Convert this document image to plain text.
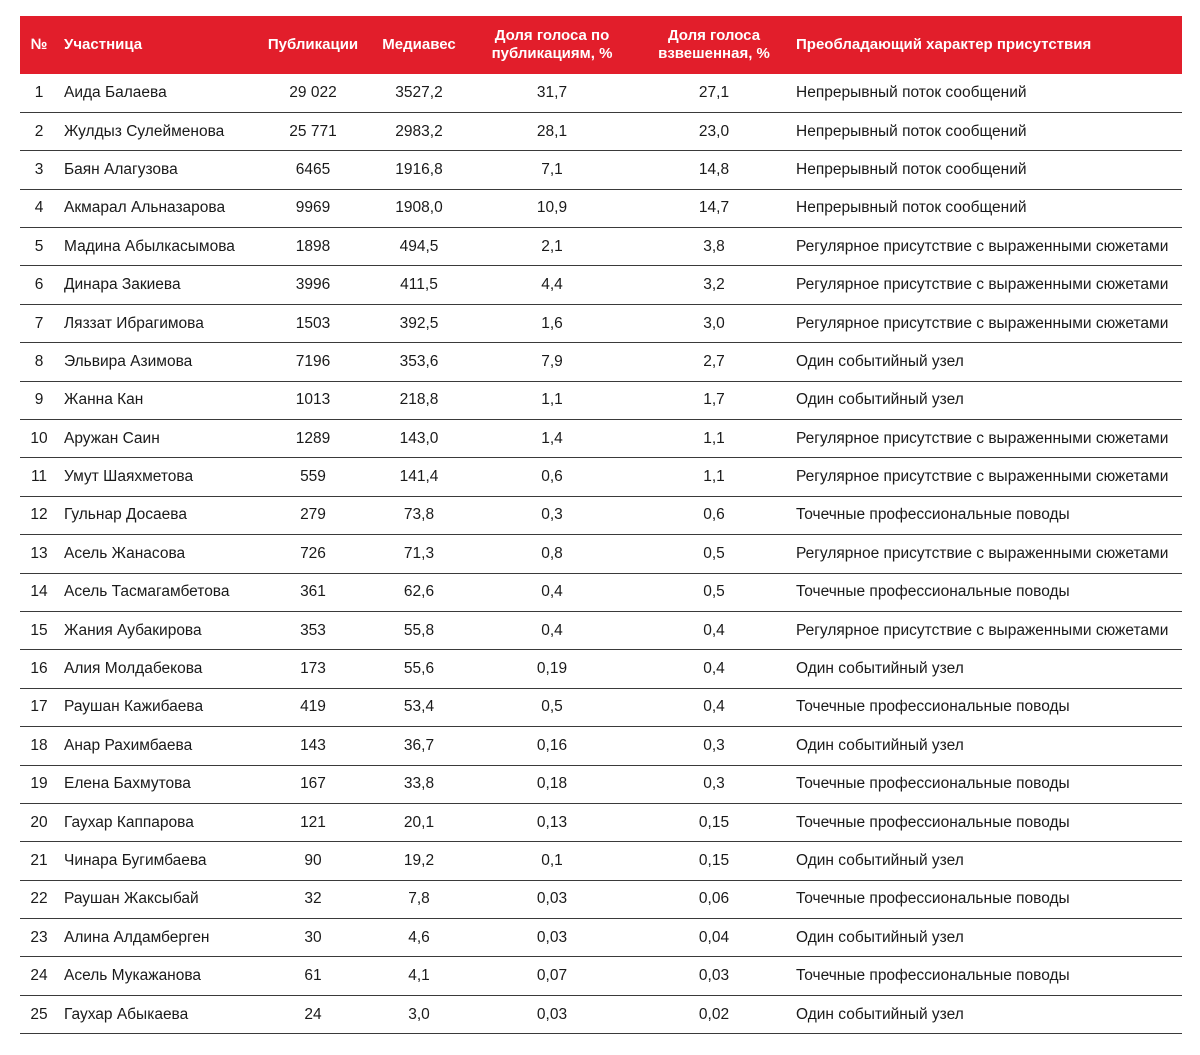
№	Участница	Публикации	Медиавес	Доля голоса по
публикациям, %	Доля голоса
взвешенная, %	Преобладающий характер присутствия
1	Аида Балаева	29 022	3527,2	31,7	27,1	Непрерывный поток сообщений
2	Жулдыз Сулейменова	25 771	2983,2	28,1	23,0	Непрерывный поток сообщений
3	Баян Алагузова	6465	1916,8	7,1	14,8	Непрерывный поток сообщений
4	Акмарал Альназарова	9969	1908,0	10,9	14,7	Непрерывный поток сообщений
5	Мадина Абылкасымова	1898	494,5	2,1	3,8	Регулярное присутствие с выраженными сюжетами
6	Динара Закиева	3996	411,5	4,4	3,2	Регулярное присутствие с выраженными сюжетами
7	Ляззат Ибрагимова	1503	392,5	1,6	3,0	Регулярное присутствие с выраженными сюжетами
8	Эльвира Азимова	7196	353,6	7,9	2,7	Один событийный узел
9	Жанна Кан	1013	218,8	1,1	1,7	Один событийный узел
10	Аружан Саин	1289	143,0	1,4	1,1	Регулярное присутствие с выраженными сюжетами
11	Умут Шаяхметова	559	141,4	0,6	1,1	Регулярное присутствие с выраженными сюжетами
12	Гульнар Досаева	279	73,8	0,3	0,6	Точечные профессиональные поводы
13	Асель Жанасова	726	71,3	0,8	0,5	Регулярное присутствие с выраженными сюжетами
14	Асель Тасмагамбетова	361	62,6	0,4	0,5	Точечные профессиональные поводы
15	Жания Аубакирова	353	55,8	0,4	0,4	Регулярное присутствие с выраженными сюжетами
16	Алия Молдабекова	173	55,6	0,19	0,4	Один событийный узел
17	Раушан Кажибаева	419	53,4	0,5	0,4	Точечные профессиональные поводы
18	Анар Рахимбаева	143	36,7	0,16	0,3	Один событийный узел
19	Елена Бахмутова	167	33,8	0,18	0,3	Точечные профессиональные поводы
20	Гаухар Каппарова	121	20,1	0,13	0,15	Точечные профессиональные поводы
21	Чинара Бугимбаева	90	19,2	0,1	0,15	Один событийный узел
22	Раушан Жаксыбай	32	7,8	0,03	0,06	Точечные профессиональные поводы
23	Алина Алдамберген	30	4,6	0,03	0,04	Один событийный узел
24	Асель Мукажанова	61	4,1	0,07	0,03	Точечные профессиональные поводы
25	Гаухар Абыкаева	24	3,0	0,03	0,02	Один событийный узел
